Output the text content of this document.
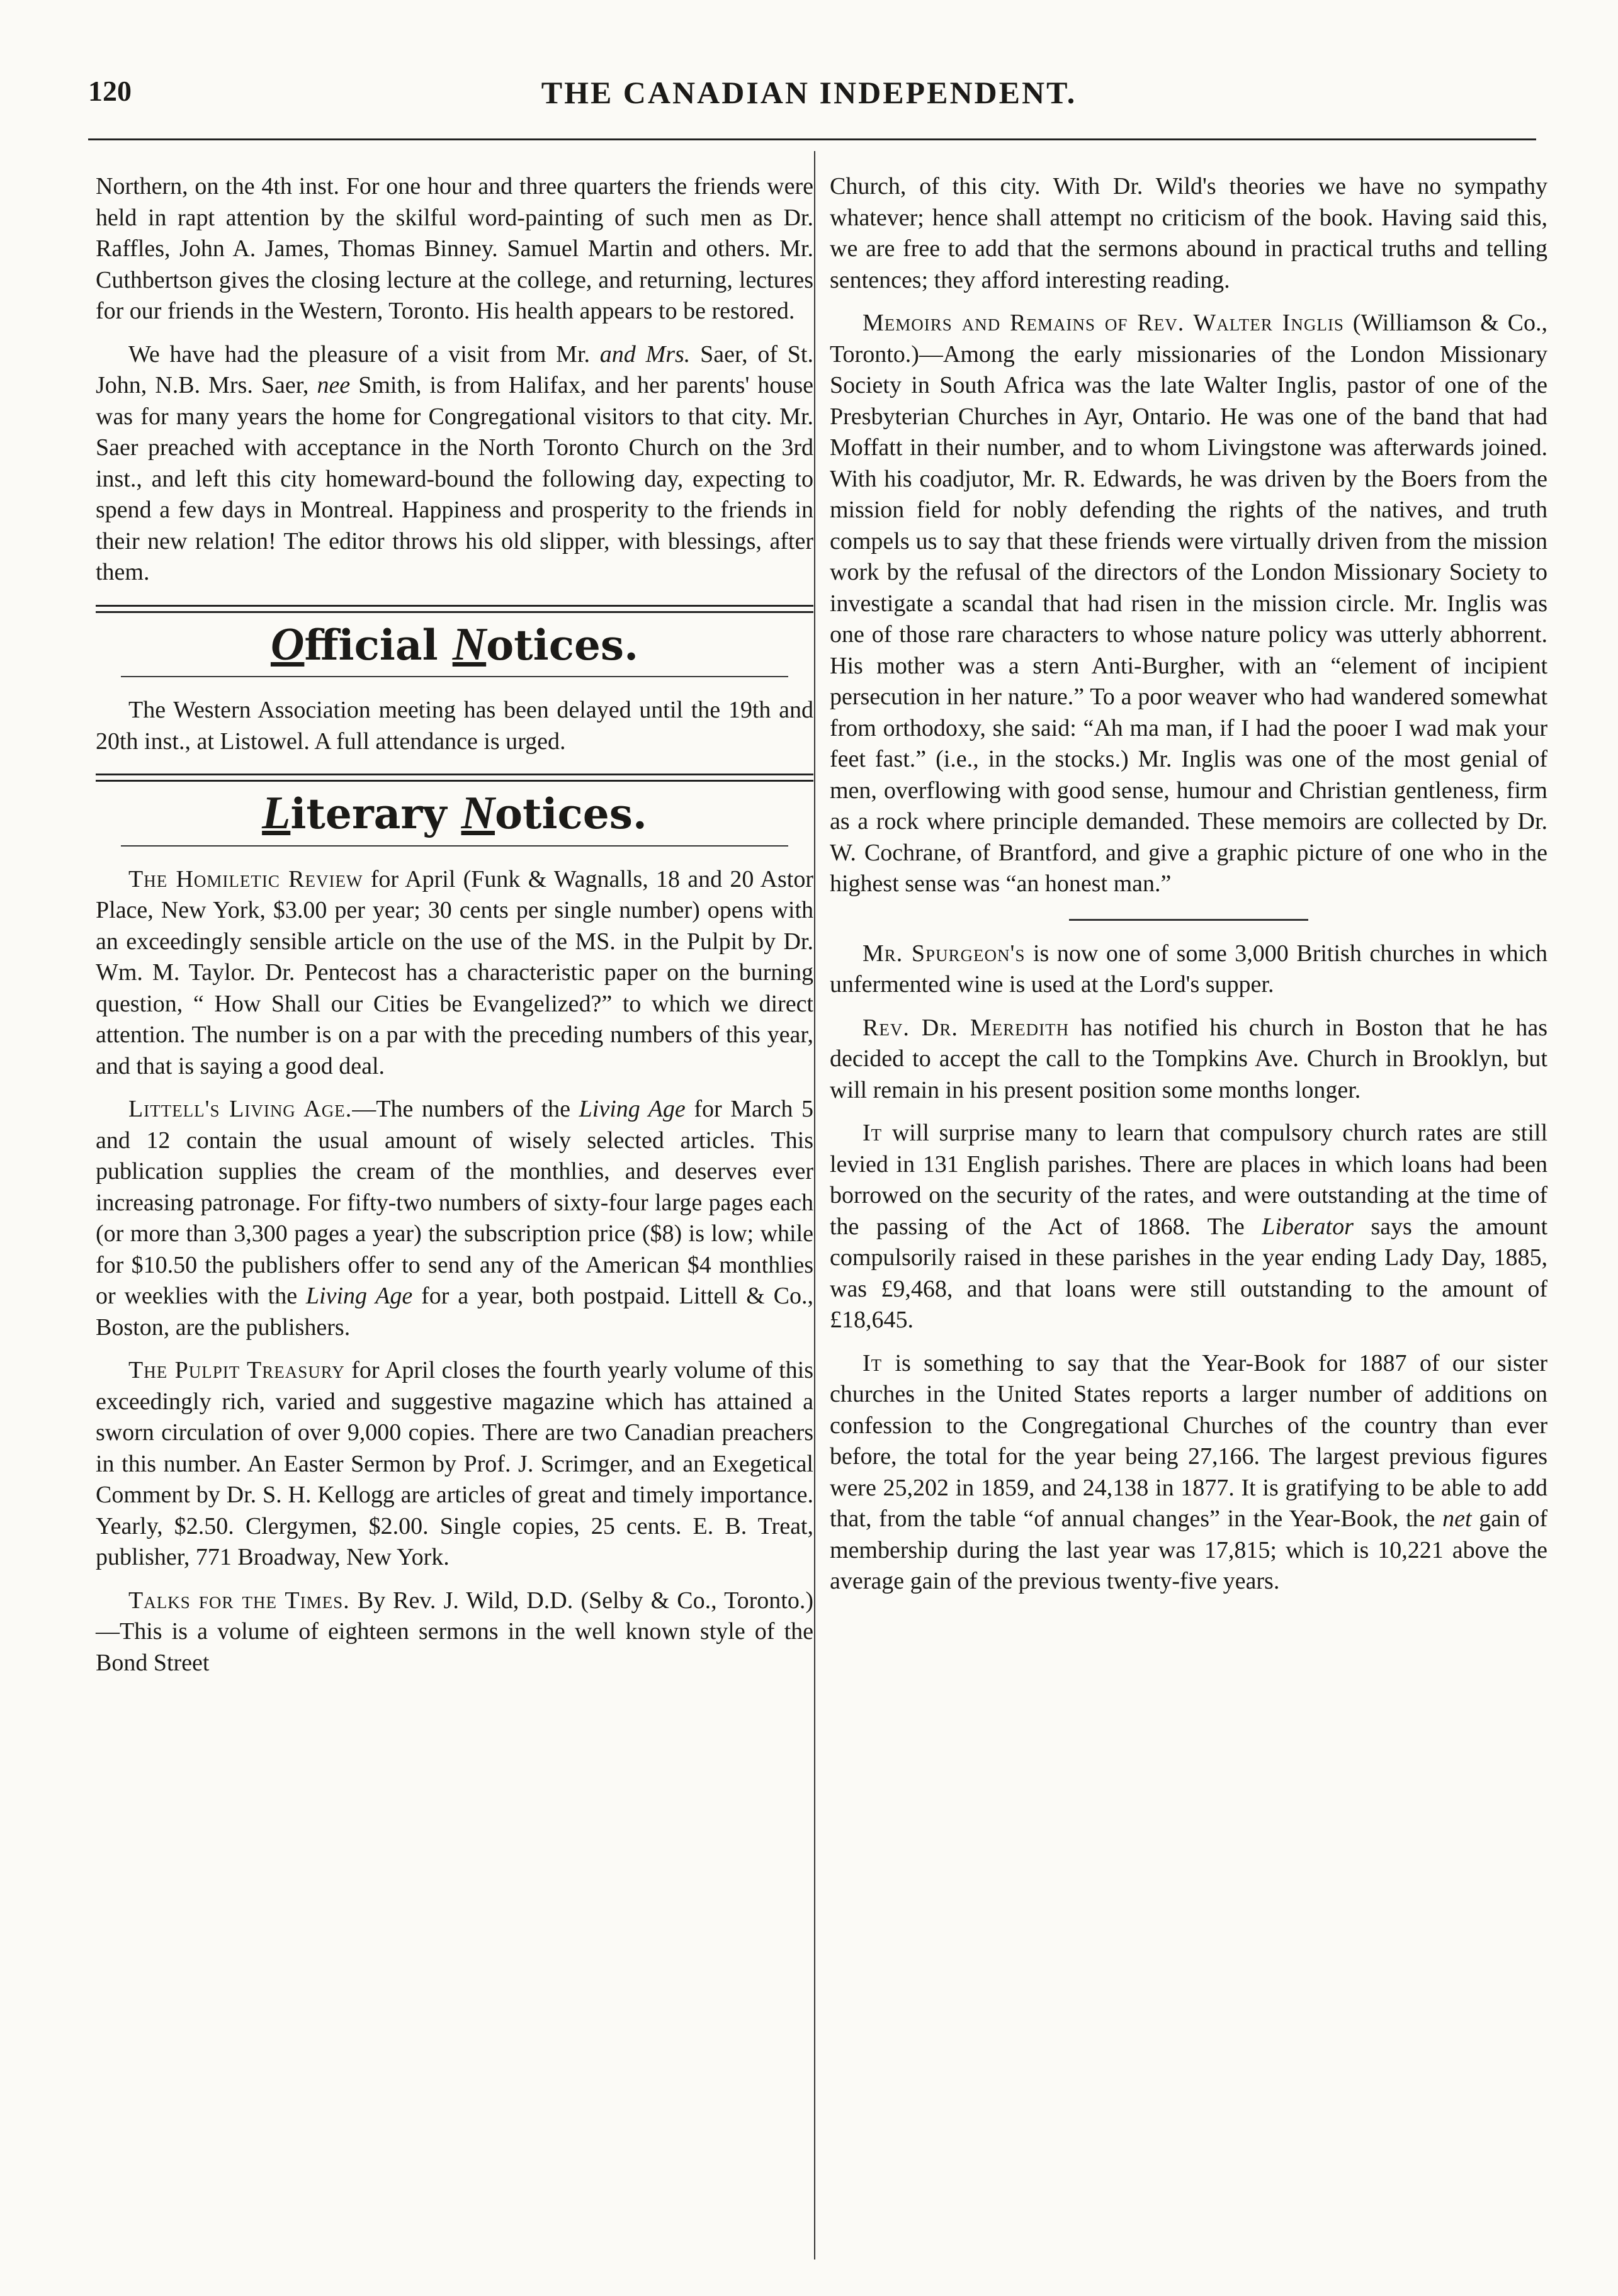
120	THE CANADIAN INDEPENDENT.

Northern, on the 4th inst. For one hour and three quarters the friends were held in rapt attention by the skilful word-painting of such men as Dr. Raffles, John A. James, Thomas Binney. Samuel Martin and others. Mr. Cuthbertson gives the closing lecture at the college, and returning, lectures for our friends in the Western, Toronto. His health appears to be restored.

We have had the pleasure of a visit from Mr. and Mrs. Saer, of St. John, N.B. Mrs. Saer, nee Smith, is from Halifax, and her parents' house was for many years the home for Congregational visitors to that city. Mr. Saer preached with acceptance in the North Toronto Church on the 3rd inst., and left this city homeward-bound the following day, expecting to spend a few days in Montreal. Happiness and prosperity to the friends in their new relation! The editor throws his old slipper, with blessings, after them.

Official Notices.

The Western Association meeting has been delayed until the 19th and 20th inst., at Listowel. A full attendance is urged.

Literary Notices.

The Homiletic Review for April (Funk & Wagnalls, 18 and 20 Astor Place, New York, $3.00 per year; 30 cents per single number) opens with an exceedingly sensible article on the use of the MS. in the Pulpit by Dr. Wm. M. Taylor. Dr. Pentecost has a characteristic paper on the burning question, “ How Shall our Cities be Evangelized?” to which we direct attention. The number is on a par with the preceding numbers of this year, and that is saying a good deal.

Littell's Living Age.—The numbers of the Living Age for March 5 and 12 contain the usual amount of wisely selected articles. This publication supplies the cream of the monthlies, and deserves ever increasing patronage. For fifty-two numbers of sixty-four large pages each (or more than 3,300 pages a year) the subscription price ($8) is low; while for $10.50 the publishers offer to send any of the American $4 monthlies or weeklies with the Living Age for a year, both postpaid. Littell & Co., Boston, are the publishers.

The Pulpit Treasury for April closes the fourth yearly volume of this exceedingly rich, varied and suggestive magazine which has attained a sworn circulation of over 9,000 copies. There are two Canadian preachers in this number. An Easter Sermon by Prof. J. Scrimger, and an Exegetical Comment by Dr. S. H. Kellogg are articles of great and timely importance. Yearly, $2.50. Clergymen, $2.00. Single copies, 25 cents. E. B. Treat, publisher, 771 Broadway, New York.

Talks for the Times. By Rev. J. Wild, D.D. (Selby & Co., Toronto.)—This is a volume of eighteen sermons in the well known style of the Bond Street

Church, of this city. With Dr. Wild's theories we have no sympathy whatever; hence shall attempt no criticism of the book. Having said this, we are free to add that the sermons abound in practical truths and telling sentences; they afford interesting reading.

Memoirs and Remains of Rev. Walter Inglis (Williamson & Co., Toronto.)—Among the early missionaries of the London Missionary Society in South Africa was the late Walter Inglis, pastor of one of the Presbyterian Churches in Ayr, Ontario. He was one of the band that had Moffatt in their number, and to whom Livingstone was afterwards joined. With his coadjutor, Mr. R. Edwards, he was driven by the Boers from the mission field for nobly defending the rights of the natives, and truth compels us to say that these friends were virtually driven from the mission work by the refusal of the directors of the London Missionary Society to investigate a scandal that had risen in the mission circle. Mr. Inglis was one of those rare characters to whose nature policy was utterly abhorrent. His mother was a stern Anti-Burgher, with an “element of incipient persecution in her nature.” To a poor weaver who had wandered somewhat from orthodoxy, she said: “Ah ma man, if I had the pooer I wad mak your feet fast.” (i.e., in the stocks.) Mr. Inglis was one of the most genial of men, overflowing with good sense, humour and Christian gentleness, firm as a rock where principle demanded. These memoirs are collected by Dr. W. Cochrane, of Brantford, and give a graphic picture of one who in the highest sense was “an honest man.”

Mr. Spurgeon's is now one of some 3,000 British churches in which unfermented wine is used at the Lord's supper.

Rev. Dr. Meredith has notified his church in Boston that he has decided to accept the call to the Tompkins Ave. Church in Brooklyn, but will remain in his present position some months longer.

It will surprise many to learn that compulsory church rates are still levied in 131 English parishes. There are places in which loans had been borrowed on the security of the rates, and were outstanding at the time of the passing of the Act of 1868. The Liberator says the amount compulsorily raised in these parishes in the year ending Lady Day, 1885, was £9,468, and that loans were still outstanding to the amount of £18,645.

It is something to say that the Year-Book for 1887 of our sister churches in the United States reports a larger number of additions on confession to the Congregational Churches of the country than ever before, the total for the year being 27,166. The largest previous figures were 25,202 in 1859, and 24,138 in 1877. It is gratifying to be able to add that, from the table “of annual changes” in the Year-Book, the net gain of membership during the last year was 17,815; which is 10,221 above the average gain of the previous twenty-five years.
